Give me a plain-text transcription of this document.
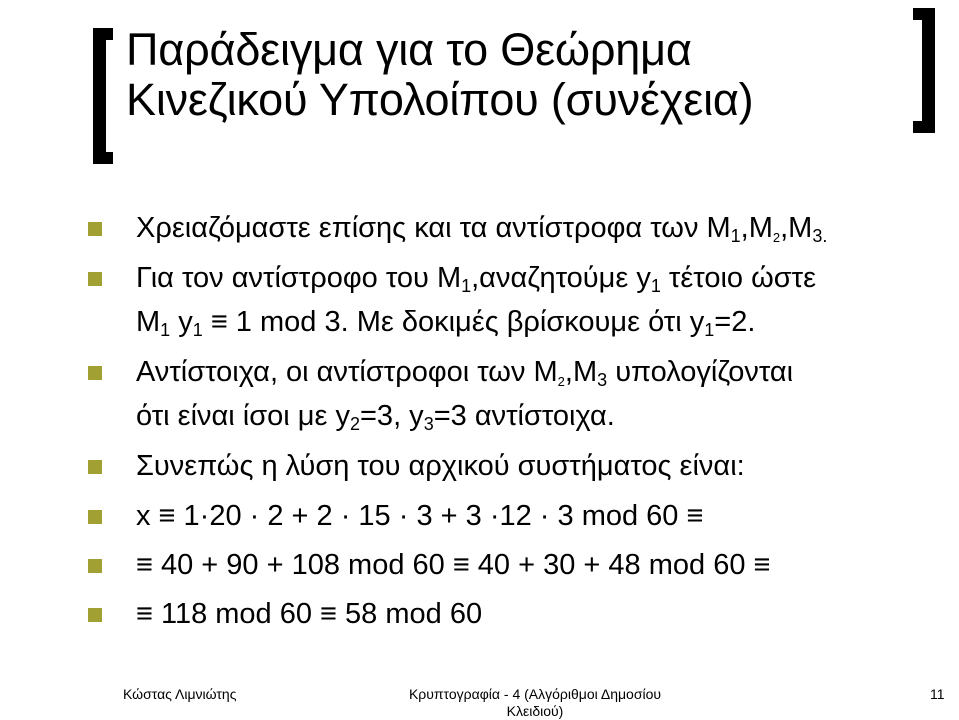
Παράδειγμα για το Θεώρημα
Κινεζικού Υπολοίπου (συνέχεια)
Χρειαζόμαστε επίσης και τα αντίστροφα των $M_1,M_2,M_{3.}$
Για τον αντίστροφο του $M_1,\alpha\nu\alpha\zeta\eta\tau oύ\mu\varepsilon$ $y_1$ τέτοιο ώστε
$M_1$ $y_1 \equiv 1$ mod 3. Με δοκιμές βρίσκουμε ότι $y_1=2$.
Αντίστοιχα, οι αντίστροφοι των $M_2,M_3$ υπολογίζονται
ότι είναι ίσοι με $y_2=3$, $y_3=3$ αντίστοιχα.
Συνεπώς η λύση του αρχικού συστήματος είναι:
x ≡ 1·20 · 2 + 2 · 15 · 3 + 3 ·12 · 3 mod 60 ≡
≡ 40 + 90 + 108 mod 60 ≡ 40 + 30 + 48 mod 60 ≡
≡ 118 mod 60 ≡ 58 mod 60
Κώστας Λιμνιώτης	Κρυπτογραφία - 4 (Αλγόριθμοι Δημοσίου
Κλειδιού)
11
